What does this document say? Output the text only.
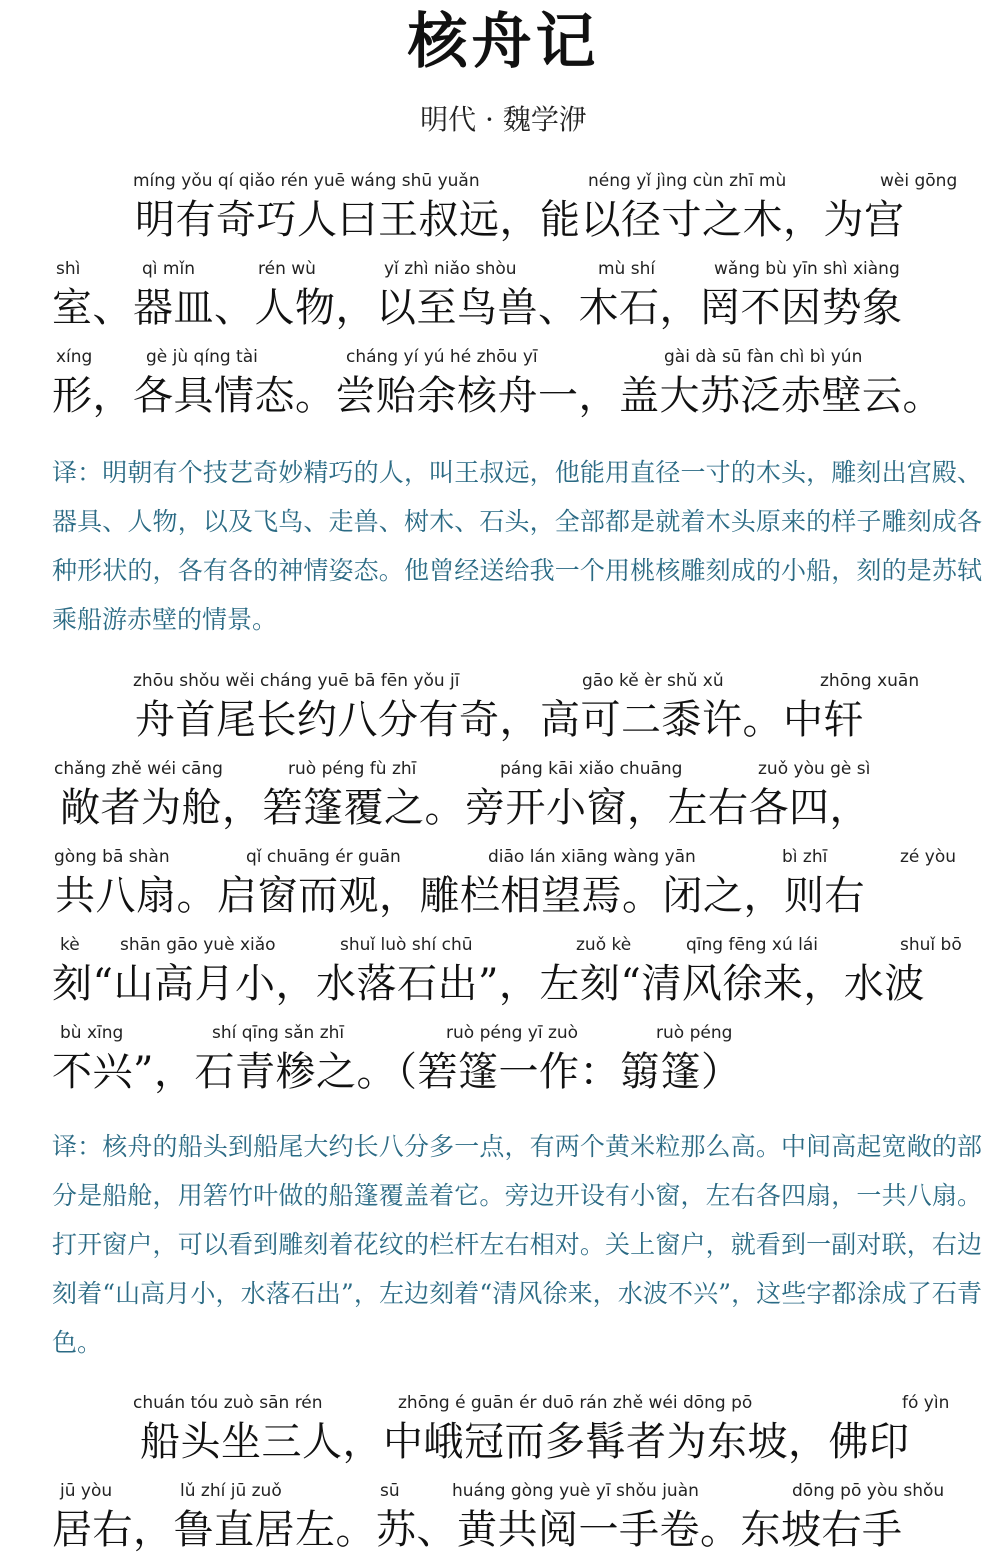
核舟记
明代 · 魏学洢
míng yǒu qí qiǎo rén yuē wáng shū yuǎn	néng yǐ jìng cùn zhī mù	wèi gōng
明有奇巧人曰王叔远，能以径寸之木，为宫
shì	qì mǐn	rén wù	yǐ zhì niǎo shòu	mù shí	wǎng bù yīn shì xiàng
室、器皿、人物，以至鸟兽、木石，罔不因势象
xíng	gè jù qíng tài	cháng yí yú hé zhōu yī	gài dà sū fàn chì bì yún
形，各具情态。尝贻余核舟一，盖大苏泛赤壁云。
译：明朝有个技艺奇妙精巧的人，叫王叔远，他能用直径一寸的木头，雕刻出宫殿、器具、人物，以及飞鸟、走兽、树木、石头，全部都是就着木头原来的样子雕刻成各种形状的，各有各的神情姿态。他曾经送给我一个用桃核雕刻成的小船，刻的是苏轼乘船游赤壁的情景。
zhōu shǒu wěi cháng yuē bā fēn yǒu jī	gāo kě èr shǔ xǔ	zhōng xuān
舟首尾长约八分有奇，高可二黍许。中轩
chǎng zhě wéi cāng	ruò péng fù zhī	páng kāi xiǎo chuāng	zuǒ yòu gè sì
敞者为舱，箬篷覆之。旁开小窗，左右各四，
gòng bā shàn	qǐ chuāng ér guān	diāo lán xiāng wàng yān	bì zhī	zé yòu
共八扇。启窗而观，雕栏相望焉。闭之，则右
kè shān gāo yuè xiǎo	shuǐ luò shí chū	zuǒ kè	qīng fēng xú lái	shuǐ bō
刻“山高月小，水落石出”，左刻“清风徐来，水波
bù xīng	shí qīng sǎn zhī	ruò péng yī zuò	ruò péng
不兴”，石青糁之。（箬篷一作：篛篷）
译：核舟的船头到船尾大约长八分多一点，有两个黄米粒那么高。中间高起宽敞的部分是船舱，用箬竹叶做的船篷覆盖着它。旁边开设有小窗，左右各四扇，一共八扇。打开窗户，可以看到雕刻着花纹的栏杆左右相对。关上窗户，就看到一副对联，右边刻着“山高月小，水落石出”，左边刻着“清风徐来，水波不兴”，这些字都涂成了石青色。
chuán tóu zuò sān rén	zhōng é guān ér duō rán zhě wéi dōng pō	fó yìn
船头坐三人，中峨冠而多髯者为东坡，佛印
jū yòu	lǔ zhí jū zuǒ	sū	huáng gòng yuè yī shǒu juàn	dōng pō yòu shǒu
居右，鲁直居左。苏、黄共阅一手卷。东坡右手
